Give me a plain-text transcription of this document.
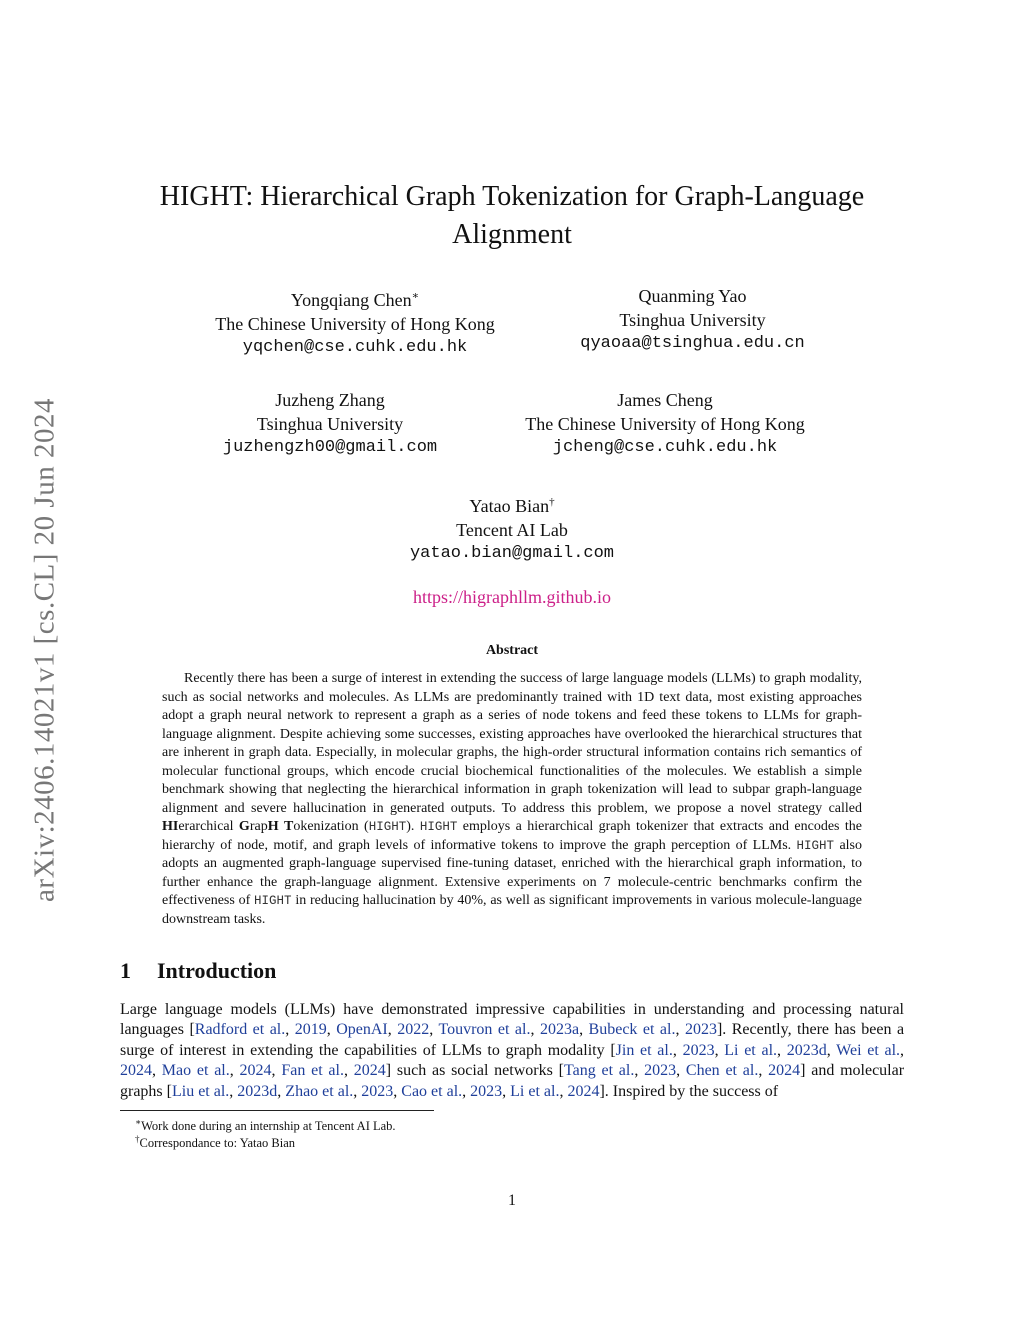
arXiv:2406.14021v1 [cs.CL] 20 Jun 2024
HIGHT: Hierarchical Graph Tokenization for Graph-Language Alignment
Yongqiang Chen∗
The Chinese University of Hong Kong
yqchen@cse.cuhk.edu.hk
Quanming Yao
Tsinghua University
qyaoaa@tsinghua.edu.cn
Juzheng Zhang
Tsinghua University
juzhengzh00@gmail.com
James Cheng
The Chinese University of Hong Kong
jcheng@cse.cuhk.edu.hk
Yatao Bian†
Tencent AI Lab
yatao.bian@gmail.com
https://higraphllm.github.io
Abstract
Recently there has been a surge of interest in extending the success of large language models (LLMs) to graph modality, such as social networks and molecules. As LLMs are predominantly trained with 1D text data, most existing approaches adopt a graph neural network to represent a graph as a series of node tokens and feed these tokens to LLMs for graph-language alignment. Despite achieving some successes, existing approaches have overlooked the hierarchical structures that are inherent in graph data. Especially, in molecular graphs, the high-order structural information contains rich semantics of molecular functional groups, which encode crucial biochemical functionalities of the molecules. We establish a simple benchmark showing that neglecting the hierarchical information in graph tokenization will lead to subpar graph-language alignment and severe hallucination in generated outputs. To address this problem, we propose a novel strategy called HIerarchical GrapH Tokenization (HIGHT). HIGHT employs a hierarchical graph tokenizer that extracts and encodes the hierarchy of node, motif, and graph levels of informative tokens to improve the graph perception of LLMs. HIGHT also adopts an augmented graph-language supervised fine-tuning dataset, enriched with the hierarchical graph information, to further enhance the graph-language alignment. Extensive experiments on 7 molecule-centric benchmarks confirm the effectiveness of HIGHT in reducing hallucination by 40%, as well as significant improvements in various molecule-language downstream tasks.
1 Introduction
Large language models (LLMs) have demonstrated impressive capabilities in understanding and processing natural languages [Radford et al., 2019, OpenAI, 2022, Touvron et al., 2023a, Bubeck et al., 2023]. Recently, there has been a surge of interest in extending the capabilities of LLMs to graph modality [Jin et al., 2023, Li et al., 2023d, Wei et al., 2024, Mao et al., 2024, Fan et al., 2024] such as social networks [Tang et al., 2023, Chen et al., 2024] and molecular graphs [Liu et al., 2023d, Zhao et al., 2023, Cao et al., 2023, Li et al., 2024]. Inspired by the success of
∗Work done during an internship at Tencent AI Lab.
†Correspondance to: Yatao Bian
1
